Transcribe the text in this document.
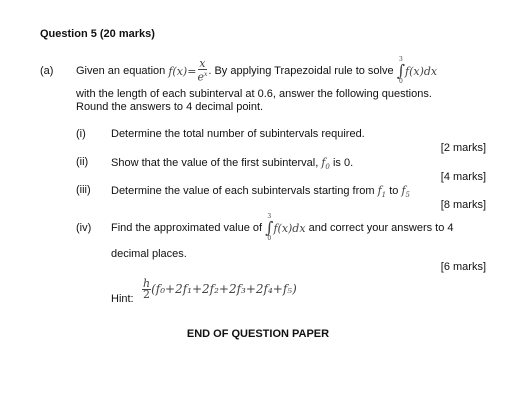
Question 5 (20 marks)
(a) Given an equation
$f(x)= \frac{x}{e^x}$ . By applying Trapezoidal rule to solve

3
∫
0
f(x)dx
with the length of each subinterval at 0.6, answer the following questions.
Round the answers to 4 decimal point.
(i) Determine the total number of subintervals required.
[2 marks]
(ii) Show that the value of the first subinterval, $f_0$ is 0.
[4 marks]
(iii) Determine the value of each subintervals starting from $f_1$ to $f_5$
[8 marks]
(iv) Find the approximated value of

3
∫
0
f(x)dx
and correct your answers to 4
decimal places.
[6 marks]
Hint: $\frac{h}{2} (f_0+2f_1+2f_2+2f_3+2f_4+f_5)$
END OF QUESTION PAPER
